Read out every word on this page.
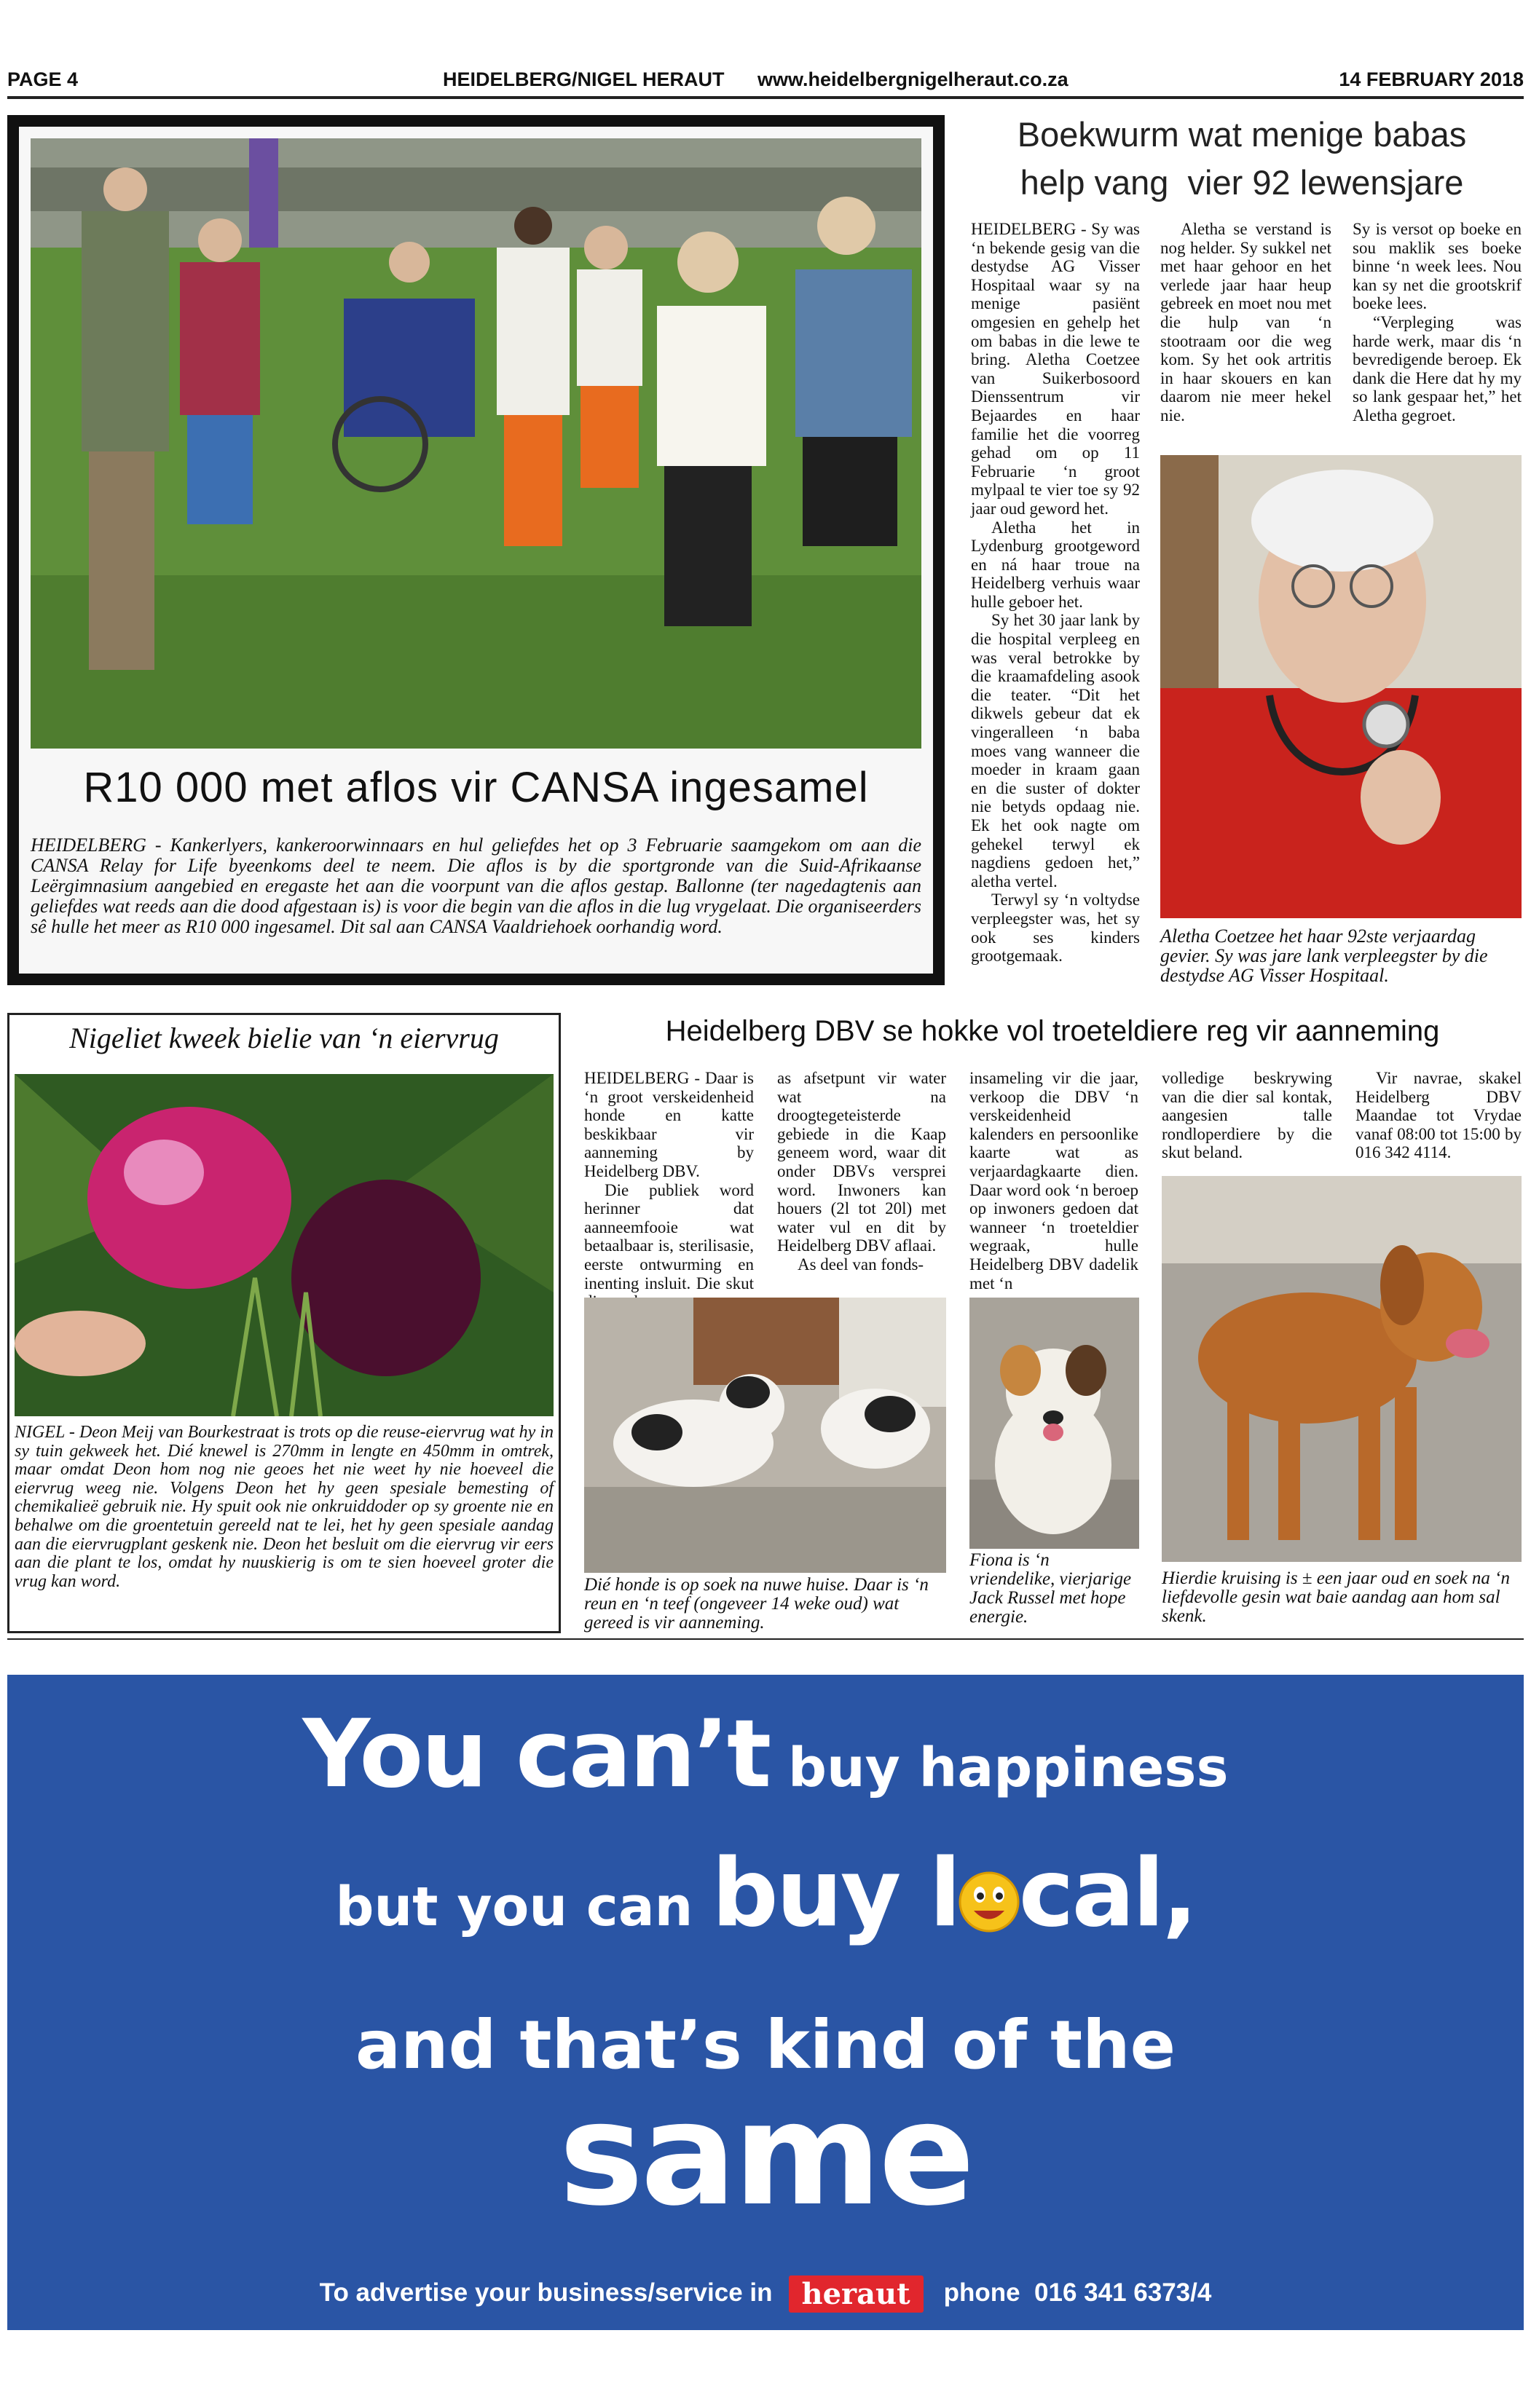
PAGE 4	HEIDELBERG/NIGEL HERAUT www.heidelbergnigelheraut.co.za	14 FEBRUARY 2018
R10 000 met aflos vir CANSA ingesamel
HEIDELBERG - Kankerlyers, kankeroorwinnaars en hul geliefdes het op 3 Februarie saamgekom om aan die CANSA Relay for Life byeenkoms deel te neem. Die aflos is by die sportgronde van die Suid-Afrikaanse Leërgimnasium aangebied en eregaste het aan die voorpunt van die aflos gestap. Ballonne (ter nagedagtenis aan geliefdes wat reeds aan die dood afgestaan is) is voor die begin van die aflos in die lug vrygelaat. Die organiseerders sê hulle het meer as R10 000 ingesamel. Dit sal aan CANSA Vaaldriehoek oorhandig word.
Boekwurm wat menige babas
help vang  vier 92 lewensjare

HEIDELBERG - Sy was ‘n bekende gesig van die destydse AG Visser Hospitaal waar sy na menige pasiënt omgesien en gehelp het om babas in die lewe te bring. Aletha Coetzee van Suikerbosoord Dienssentrum vir Bejaardes en haar familie het die voorreg gehad om op 11 Februarie ‘n groot mylpaal te vier toe sy 92 jaar oud geword het.

Aletha het in Lydenburg grootgeword en ná haar troue na Heidelberg verhuis waar hulle geboer het.

Sy het 30 jaar lank by die hospital verpleeg en was veral betrokke by die kraamafdeling asook die teater. “Dit het dikwels gebeur dat ek vingeralleen ‘n baba moes vang wanneer die moeder in kraam gaan en die suster of dokter nie betyds opdaag nie. Ek het ook nagte om gehekel terwyl ek nagdiens gedoen het,” aletha vertel.

Terwyl sy ‘n voltydse verpleegster was, het sy ook ses kinders grootgemaak.

Aletha se verstand is nog helder. Sy sukkel net met haar gehoor en het verlede jaar haar heup gebreek en moet nou met die hulp van ‘n stootraam oor die weg kom. Sy het ook artritis in haar skouers en kan daarom nie meer hekel nie.

Sy is versot op boeke en sou maklik ses boeke binne ‘n week lees. Nou kan sy net die grootskrif boeke lees.

“Verpleging was harde werk, maar dis ‘n bevredigende beroep. Ek dank die Here dat hy my so lank gespaar het,” het Aletha gegroet.

Aletha Coetzee het haar 92ste verjaardag gevier. Sy was jare lank verpleegster by die destydse AG Visser Hospitaal.
Nigeliet kweek bielie van ‘n eiervrug
NIGEL - Deon Meij van Bourkestraat is trots op die reuse-eiervrug wat hy in sy tuin gekweek het. Dié knewel is 270mm in lengte en 450mm in omtrek, maar omdat Deon hom nog nie geoes het nie weet hy nie hoeveel die eiervrug weeg nie. Volgens Deon het hy geen spesiale bemesting of chemikalieë gebruik nie. Hy spuit ook nie onkruiddoder op sy groente nie en behalwe om die groentetuin gereeld nat te lei, het hy geen spesiale aandag aan die eiervrugplant geskenk nie. Deon het besluit om die eiervrug vir eers aan die plant te los, omdat hy nuuskierig is om te sien hoeveel groter die vrug kan word.
Heidelberg DBV se hokke vol troeteldiere reg vir aanneming

HEIDELBERG - Daar is ‘n groot verskeidenheid honde en katte beskikbaar vir aanneming by Heidelberg DBV.

Die publiek word herinner dat aanneemfooie wat betaalbaar is, sterilisasie, eerste ontwurming en inenting insluit. Die skut

as afsetpunt vir water wat na droogtegeteisterde gebiede in die Kaap geneem word, waar dit onder DBVs versprei word. Inwoners kan houers (2l tot 20l) met water vul en dit by Heidelberg DBV aflaai.

As deel van fonds-

insameling vir die jaar, verkoop die DBV ‘n verskeidenheid kalenders en persoonlike kaarte wat as verjaardagkaarte dien. Daar word ook ‘n beroep op inwoners gedoen dat wanneer ‘n troeteldier wegraak, hulle Heidelberg DBV dadelik met ‘n

volledige beskrywing van die dier sal kontak, aangesien talle rondloperdiere by die skut beland.

Vir navrae, skakel Heidelberg DBV Maandae tot Vrydae vanaf 08:00 tot 15:00 by 016 342 4114.

Dié honde is op soek na nuwe huise. Daar is ‘n reun en ‘n teef (ongeveer 14 weke oud) wat gereed is vir aanneming.
Fiona is ‘n vriendelike, vierjarige Jack Russel met hope energie.
Hierdie kruising is ± een jaar oud en soek na ‘n liefdevolle gesin wat baie aandag aan hom sal skenk.
You can’t buy happiness
but you can buy l cal,
and that’s kind of the
same
To advertise your business/service in heraut phone  016 341 6373/4
